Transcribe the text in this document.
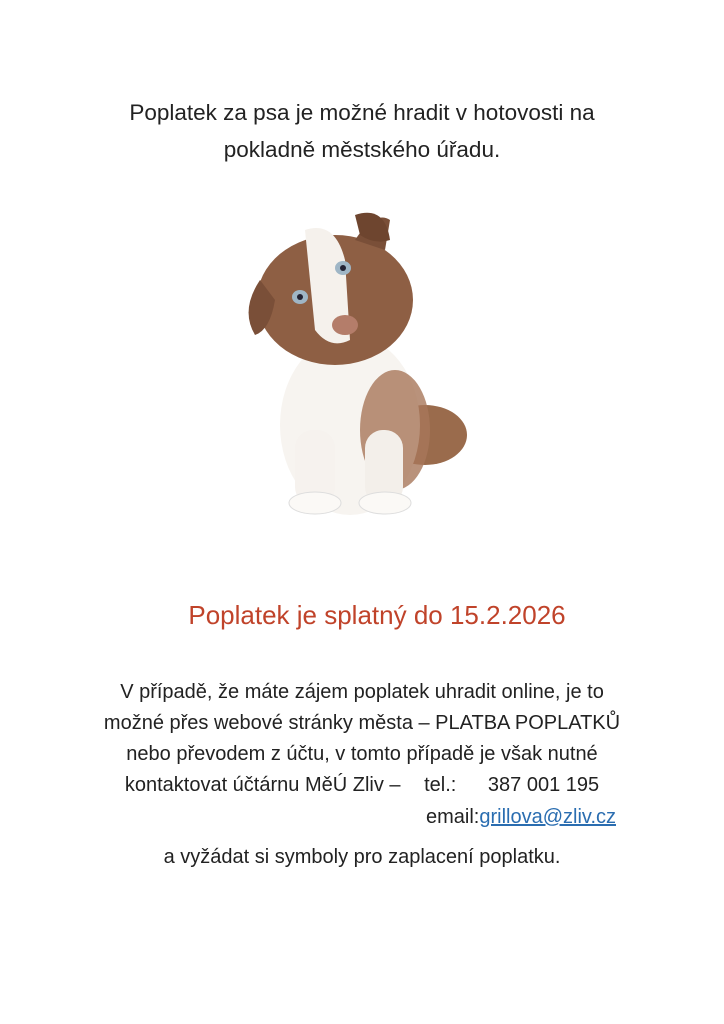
Poplatek za psa je možné hradit v hotovosti na
pokladně městského úřadu.
Poplatek je splatný do 15.2.2026
V případě, že máte zájem poplatek uhradit online, je to
možné přes webové stránky města – PLATBA POPLATKŮ
nebo převodem z účtu, v tomto případě je však nutné
kontaktovat účtárnu MěÚ Zliv – tel.: 387 001 195
email:grillova@zliv.cz
a vyžádat si symboly pro zaplacení poplatku.
